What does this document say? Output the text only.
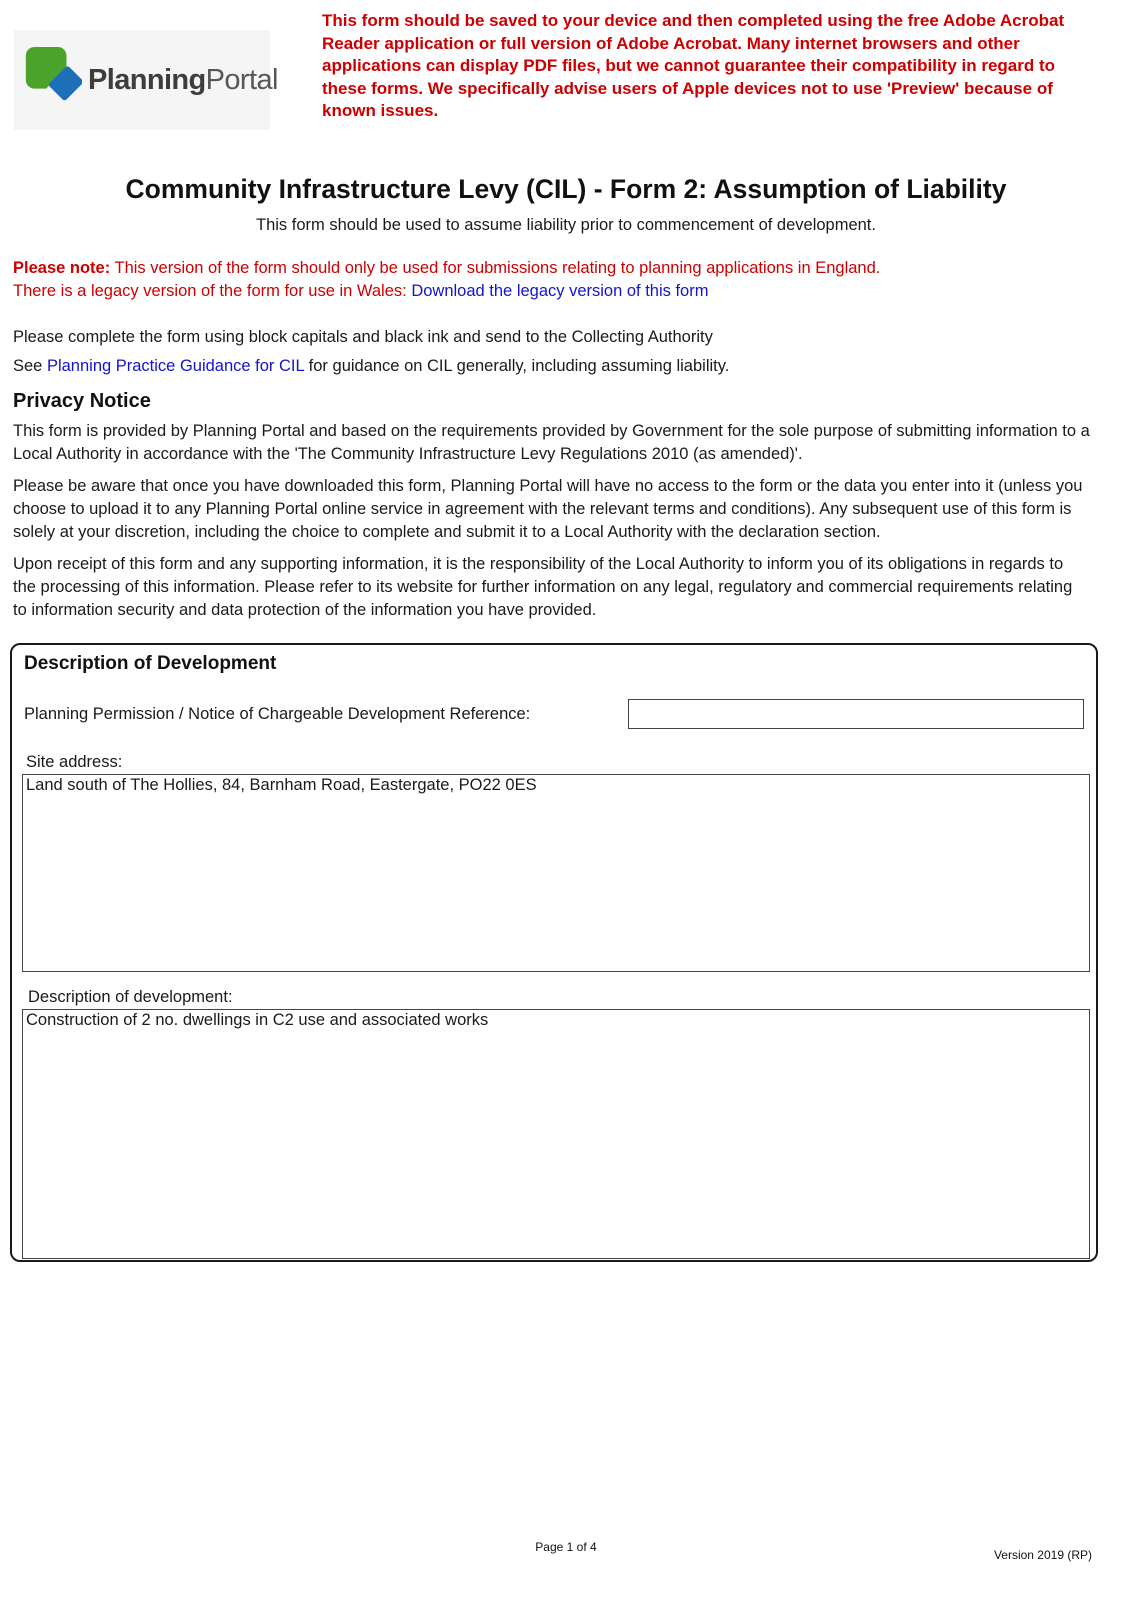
PlanningPortal
This form should be saved to your device and then completed using the free Adobe Acrobat Reader application or full version of Adobe Acrobat. Many internet browsers and other applications can display PDF files, but we cannot guarantee their compatibility in regard to these forms. We specifically advise users of Apple devices not to use 'Preview' because of known issues.
Community Infrastructure Levy (CIL) - Form 2: Assumption of Liability
This form should be used to assume liability prior to commencement of development.
Please note: This version of the form should only be used for submissions relating to planning applications in England.
There is a legacy version of the form for use in Wales: Download the legacy version of this form

Please complete the form using block capitals and black ink and send to the Collecting Authority

See Planning Practice Guidance for CIL for guidance on CIL generally, including assuming liability.

Privacy Notice

This form is provided by Planning Portal and based on the requirements provided by Government for the sole purpose of submitting information to a Local Authority in accordance with the 'The Community Infrastructure Levy Regulations 2010 (as amended)'.

Please be aware that once you have downloaded this form, Planning Portal will have no access to the form or the data you enter into it (unless you choose to upload it to any Planning Portal online service in agreement with the relevant terms and conditions). Any subsequent use of this form is solely at your discretion, including the choice to complete and submit it to a Local Authority with the declaration section.

Upon receipt of this form and any supporting information, it is the responsibility of the Local Authority to inform you of its obligations in regards to the processing of this information. Please refer to its website for further information on any legal, regulatory and commercial requirements relating to information security and data protection of the information you have provided.

Description of Development
Planning Permission / Notice of Chargeable Development Reference:
Site address:
Land south of The Hollies, 84, Barnham Road, Eastergate, PO22 0ES
Description of development:
Construction of 2 no. dwellings in C2 use and associated works
Page 1 of 4
Version 2019 (RP)
